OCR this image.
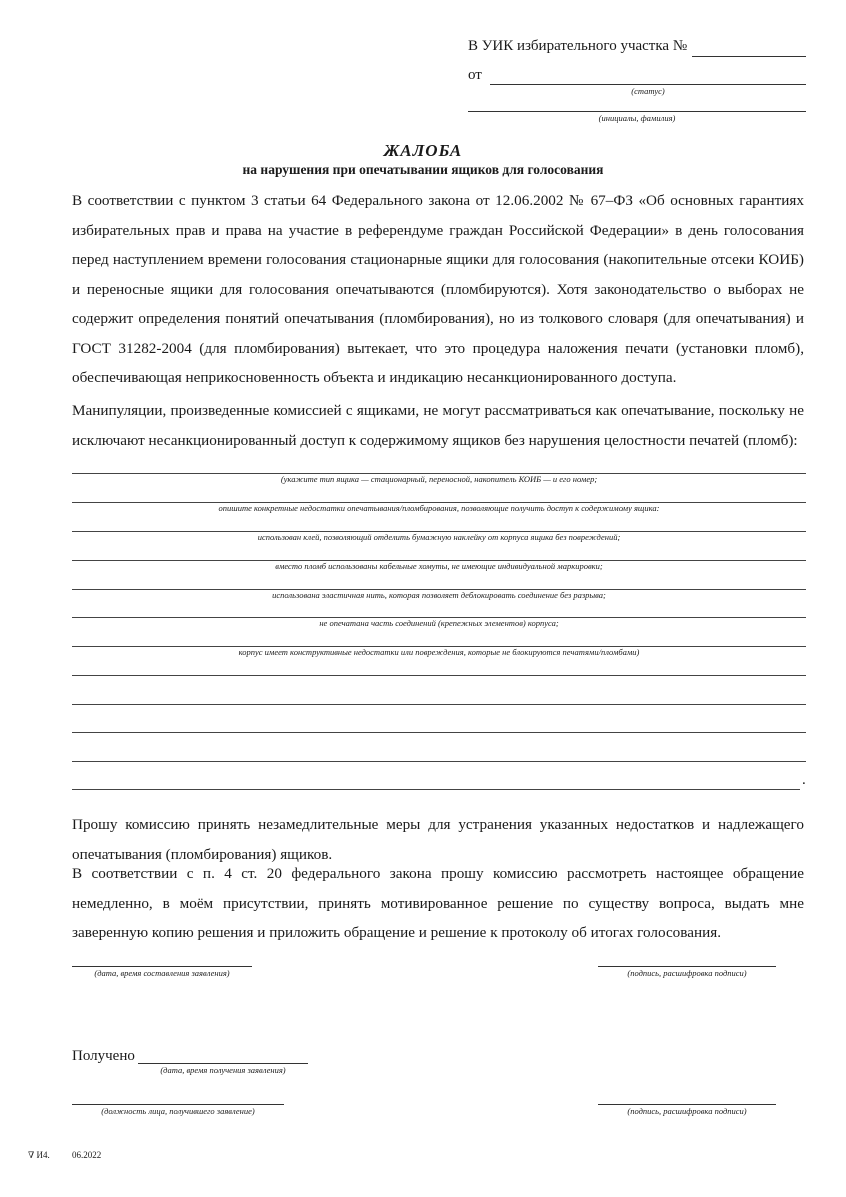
В УИК избирательного участка №
от
(статус)
(инициалы, фамилия)
ЖАЛОБА
на нарушения при опечатывании ящиков для голосования

В соответствии с пунктом 3 статьи 64 Федерального закона от 12.06.2002 № 67–ФЗ «Об основных гарантиях избирательных прав и права на участие в референдуме граждан Российской Федерации» в день голосования перед наступлением времени голосования стационарные ящики для голосования (накопительные отсеки КОИБ) и переносные ящики для голосования опечатываются (пломбируются). Хотя законодательство о выборах не содержит определения понятий опечатывания (пломбирования), но из толкового словаря (для опечатывания) и ГОСТ 31282-2004 (для пломбирования) вытекает, что это процедура наложения печати (установки пломб), обеспечивающая неприкосновенность объекта и индикацию несанкционированного доступа.

Манипуляции, произведенные комиссией с ящиками, не могут рассматриваться как опечатывание, поскольку не исключают несанкционированный доступ к содержимому ящиков без нарушения целостности печатей (пломб):

(укажите тип ящика — стационарный, переносной, накопитель КОИБ — и его номер;
опишите конкретные недостатки опечатывания/пломбирования, позволяющие получить доступ к содержимому ящика:
использован клей, позволяющий отделить бумажную наклейку от корпуса ящика без повреждений;
вместо пломб использованы кабельные хомуты, не имеющие индивидуальной маркировки;
использована эластичная нить, которая позволяет деблокировать соединение без разрыва;
не опечатана часть соединений (крепежных элементов) корпуса;
корпус имеет конструктивные недостатки или повреждения, которые не блокируются печатями/пломбами)
.

Прошу комиссию принять незамедлительные меры для устранения указанных недостатков и надлежащего опечатывания (пломбирования) ящиков.

В соответствии с п. 4 ст. 20 федерального закона прошу комиссию рассмотреть настоящее обращение немедленно, в моём присутствии, принять мотивированное решение по существу вопроса, выдать мне заверенную копию решения и приложить обращение и решение к протоколу об итогах голосования.

(дата, время составления заявления)	(подпись, расшифровка подписи)
Получено
(дата, время получения заявления)
(должность лица, получившего заявление)	(подпись, расшифровка подписи)
∇ И4. 06.2022
